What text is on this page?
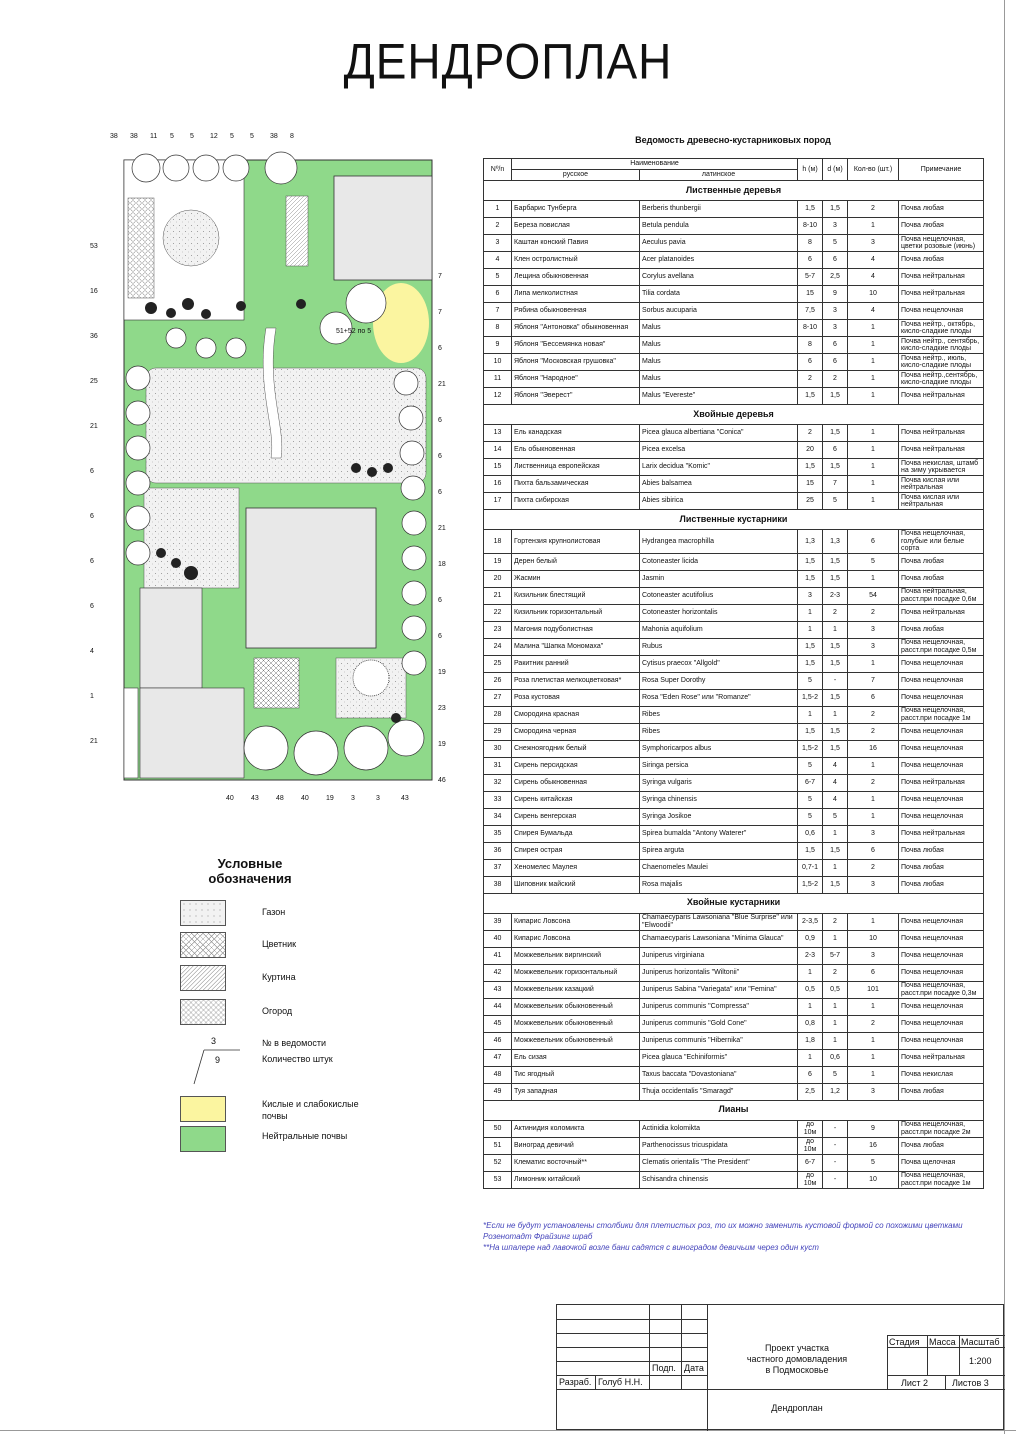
ДЕНДРОПЛАН
51+52 по 5
38 38 11 5 5 12 5 5 38 8
53
16
36
25
21
6
6
6
6
4
1
21
7
7
6
21
6
6
6
21
18
6
6
19
23
19
46
40 43 48 40 19 3	3	43
Условные обозначения
Газон
Цветник
Куртина
Огород
3	№ в ведомости
9	Количество штук
Кислые и слабокислые
почвы
Нейтральные почвы
Ведомость древесно-кустарниковых пород
Nº/n	Наименование		h (м)	d (м)	Кол-во (шт.)	Примечание
	русское	латинское				
Лиственные деревья						
1	Барбарис Тунберга	Berberis thunbergii	1,5	1,5	2	Почва любая
2	Береза повислая	Betula pendula	8-10	3	1	Почва любая
3	Каштан конский Павия	Aeculus pavia	8	5	3	Почва нещелочная, цветки розовые (июнь)
4	Клен остролистный	Acer platanoides	6	6	4	Почва любая
5	Лещина обыкновенная	Corylus avellana	5-7	2,5	4	Почва нейтральная
6	Липа мелколистная	Tilia cordata	15	9	10	Почва нейтральная
7	Рябина обыкновенная	Sorbus aucuparia	7,5	3	4	Почва нещелочная
8	Яблоня "Антоновка" обыкновенная	Malus	8-10	3	1	Почва нейтр., октябрь, кисло-сладкие плоды
9	Яблоня "Бессемянка новая"	Malus	8	6	1	Почва нейтр., сентябрь, кисло-сладкие плоды
10	Яблоня "Московская грушовка"	Malus	6	6	1	Почва нейтр., июль, кисло-сладкие плоды
11	Яблоня "Народное"	Malus	2	2	1	Почва нейтр.,сентябрь, кисло-сладкие плоды
12	Яблоня "Эверест"	Malus "Evereste"	1,5	1,5	1	Почва нейтральная
Хвойные деревья						
13	Ель канадская	Picea glauca albertiana "Conica"	2	1,5	1	Почва нейтральная
14	Ель обыкновенная	Picea excelsa	20	6	1	Почва нейтральная
15	Лиственница европейская	Larix decidua "Komic"	1,5	1,5	1	Почва некислая, штамб на зиму укрывается
16	Пихта бальзамическая	Abies balsamea	15	7	1	Почва кислая или нейтральная
17	Пихта сибирская	Abies sibirica	25	5	1	Почва кислая или нейтральная
Лиственные кустарники						
18	Гортензия крупнолистовая	Hydrangea macrophilla	1,3	1,3	6	Почва нещелочная, голубые или белые сорта
19	Дерен белый	Cotoneaster licida	1,5	1,5	5	Почва любая
20	Жасмин	Jasmin	1,5	1,5	1	Почва любая
21	Кизильник блестящий	Cotoneaster acutifolius	3	2-3	54	Почва нейтральная, расст.при посадке 0,6м
22	Кизильник горизонтальный	Cotoneaster horizontalis	1	2	2	Почва нейтральная
23	Магония подуболистная	Mahonia aquifolium	1	1	3	Почва любая
24	Малина "Шапка Мономаха"	Rubus	1,5	1,5	3	Почва нещелочная, расст.при посадке 0,5м
25	Ракитник ранний	Cytisus praecox "Allgold"	1,5	1,5	1	Почва нещелочная
26	Роза плетистая мелкоцветковая*	Rosa Super Dorothy	5	-	7	Почва нещелочная
27	Роза кустовая	Rosa "Eden Rose" или "Romanze"	1,5-2	1,5	6	Почва нещелочная
28	Смородина красная	Ribes	1	1	2	Почва нещелочная, расст.при посадке 1м
29	Смородина черная	Ribes	1,5	1,5	2	Почва нещелочная
30	Снежноягодник белый	Symphoricarpos albus	1,5-2	1,5	16	Почва нещелочная
31	Сирень персидская	Siringa persica	5	4	1	Почва нещелочная
32	Сирень обыкновенная	Syringa vulgaris	6-7	4	2	Почва нейтральная
33	Сирень китайская	Syringa chinensis	5	4	1	Почва нещелочная
34	Сирень венгерская	Syringa Josikoe	5	5	1	Почва нещелочная
35	Спирея Бумальда	Spirea bumalda "Antony Waterer"	0,6	1	3	Почва нейтральная
36	Спирея острая	Spirea arguta	1,5	1,5	6	Почва любая
37	Хеномелес Маулея	Chaenomeles Maulei	0,7-1	1	2	Почва любая
38	Шиповник майский	Rosa majalis	1,5-2	1,5	3	Почва любая
Хвойные кустарники						
39	Кипарис Ловсона	Chamaecyparis Lawsoniana "Blue Surprise" или "Elwoodii"	2-3,5	2	1	Почва нещелочная
40	Кипарис Ловсона	Chamaecyparis Lawsoniana "Minima Glauca"	0,9	1	10	Почва нещелочная
41	Можжевельник виргинский	Juniperus virginiana	2-3	5-7	3	Почва нещелочная
42	Можжевельник горизонтальный	Juniperus horizontalis "Wiltonii"	1	2	6	Почва нещелочная
43	Можжевельник казацкий	Juniperus Sabina "Variegata" или "Femina"	0,5	0,5	101	Почва нещелочная, расст.при посадке 0,3м
44	Можжевельник обыкновенный	Juniperus communis "Compressa"	1	1	1	Почва нещелочная
45	Можжевельник обыкновенный	Juniperus communis "Gold Cone"	0,8	1	2	Почва нещелочная
46	Можжевельник обыкновенный	Juniperus communis "Hibernika"	1,8	1	1	Почва нещелочная
47	Ель сизая	Picea glauca "Echiniformis"	1	0,6	1	Почва нейтральная
48	Тис ягодный	Taxus baccata "Dovastoniana"	6	5	1	Почва некислая
49	Туя западная	Thuja occidentalis "Smaragd"	2,5	1,2	3	Почва любая
Лианы						
50	Актинидия коломикта	Actinidia kolomikta	до 10м	-	9	Почва нещелочная, расст.при посадке 2м
51	Виноград девичий	Parthenocissus tricuspidata	до 10м	-	16	Почва любая
52	Клематис восточный**	Clematis orientalis "The President"	6-7	-	5	Почва щелочная
53	Лимонник китайский	Schisandra chinensis	до 10м	-	10	Почва нещелочная, расст.при посадке 1м
*Если не будут установлены столбики для плетистых роз, то их можно заменить кустовой формой со похожими цветками Розенотадт Фрайзинг шраб
**На шпалере над лавочкой возле бани садятся с виноградом девичьим через один куст
Разраб. Голуб Н.Н.
Подп. Дата
Проект участка
частного домовладения
в Подмосковье
Дендроплан
Стадия Масса Масштаб
1:200
Лист 2	Листов 3
